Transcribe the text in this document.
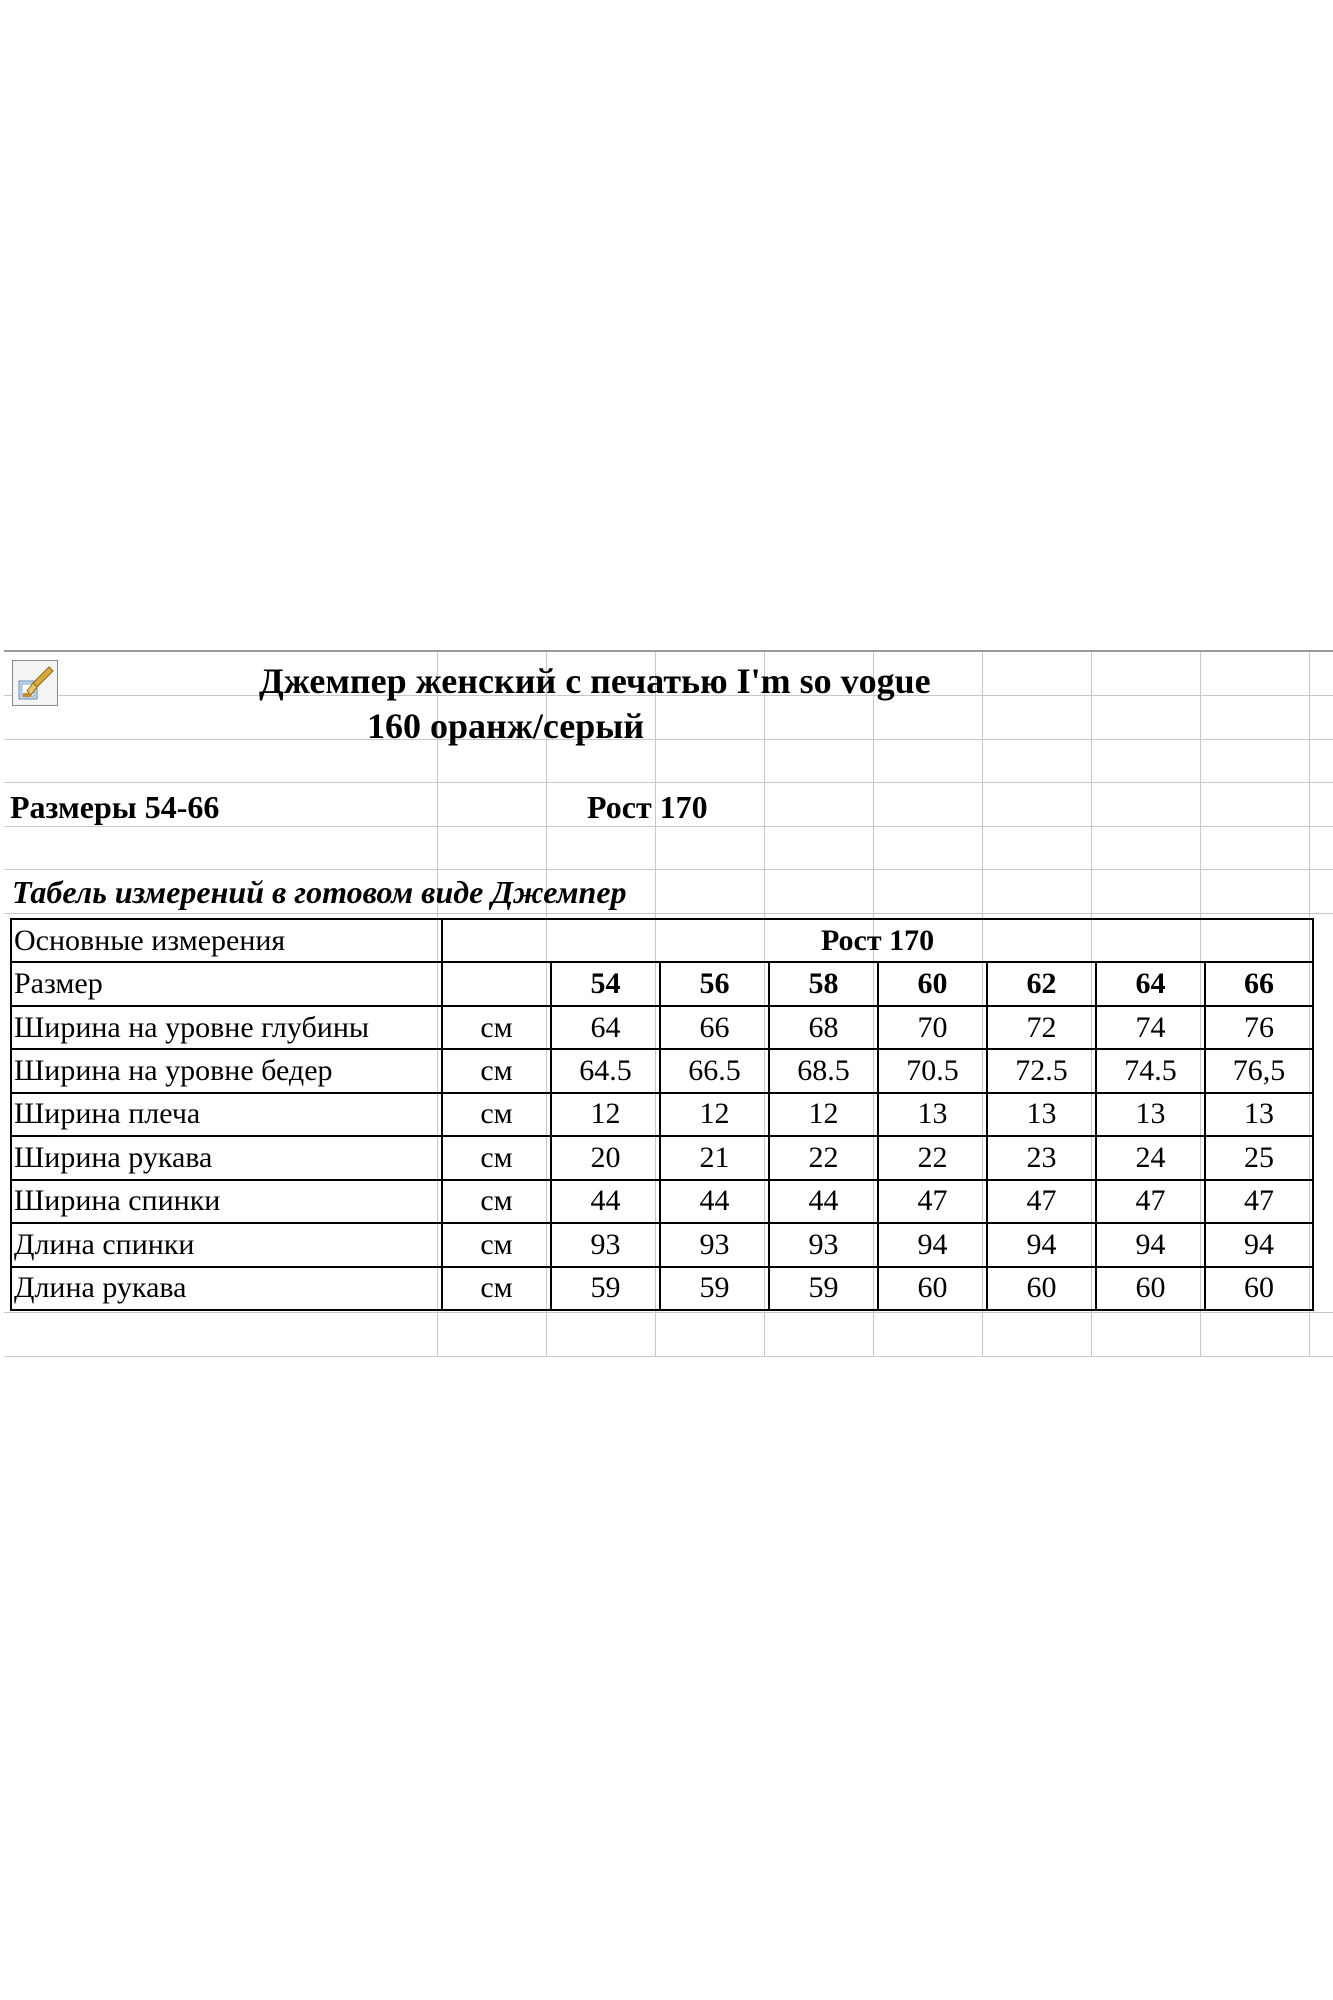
Джемпер женский с печатью I'm so vogue
160 оранж/серый
Размеры 54-66	Рост 170
Табель измерений в готовом виде Джемпер
Основные измерения	Рост 170							
Размер		54	56	58	60	62	64	66
Ширина на уровне глубины	см	64	66	68	70	72	74	76
Ширина на уровне бедер	см	64.5	66.5	68.5	70.5	72.5	74.5	76,5
Ширина плеча	см	12	12	12	13	13	13	13
Ширина рукава	см	20	21	22	22	23	24	25
Ширина спинки	см	44	44	44	47	47	47	47
Длина спинки	см	93	93	93	94	94	94	94
Длина рукава	см	59	59	59	60	60	60	60
